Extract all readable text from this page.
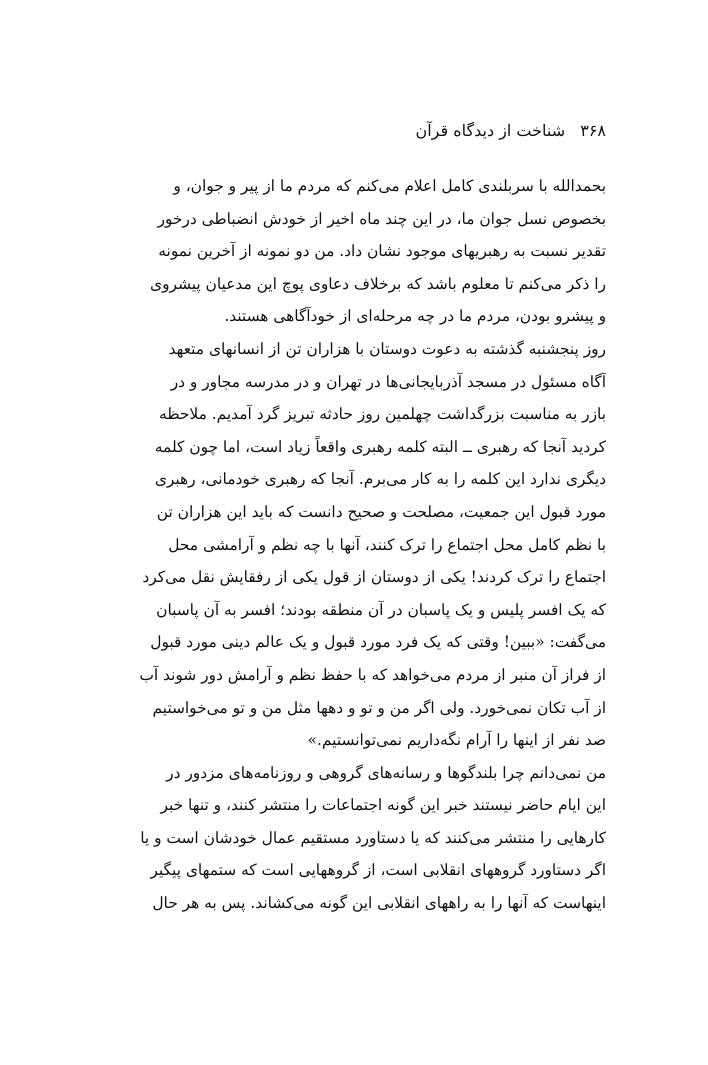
۳۶۸ شناخت از دیدگاه قرآن
بحمدالله با سربلندی کامل اعلام می‌کنم که مردم ما از پیر و جوان، و
بخصوص نسل جوان ما، در این چند ماه اخیر از خودش انضباطی درخور
تقدیر نسبت به رهبریهای موجود نشان داد. من دو نمونه از آخرین نمونه
را ذکر می‌کنم تا معلوم باشد که برخلاف دعاوی پوچ این مدعیان پیشروی
و پیشرو بودن، مردم ما در چه مرحله‌ای از خودآگاهی هستند.
روز پنجشنبه گذشته به دعوت دوستان با هزاران تن از انسانهای متعهد
آگاه مسئول در مسجد آذربایجانی‌ها در تهران و در مدرسه مجاور و در
بازر به مناسبت بزرگداشت چهلمین روز حادثه تبریز گرد آمدیم. ملاحظه
کردید آنجا که رهبری ــ البته کلمه رهبری واقعاً زیاد است، اما چون کلمه
دیگری ندارد این کلمه را به کار می‌برم. آنجا که رهبری خودمانی، رهبری
مورد قبول این جمعیت، مصلحت و صحیح دانست که باید این هزاران تن
با نظم کامل محل اجتماع را ترک کنند، آنها با چه نظم و آرامشی محل
اجتماع را ترک کردند! یکی از دوستان از قول یکی از رفقایش نقل می‌کرد
که یک افسر پلیس و یک پاسبان در آن منطقه بودند؛ افسر به آن پاسبان
می‌گفت: «ببین! وقتی که یک فرد مورد قبول و یک عالم دینی مورد قبول
از فراز آن منبر از مردم می‌خواهد که با حفظ نظم و آرامش دور شوند آب
از آب تکان نمی‌خورد. ولی اگر من و تو و دهها مثل من و تو می‌خواستیم
صد نفر از اینها را آرام نگه‌داریم نمی‌توانستیم.»
من نمی‌دانم چرا بلندگوها و رسانه‌های گروهی و روزنامه‌های مزدور در
این ایام حاضر نیستند خبر این گونه اجتماعات را منتشر کنند، و تنها خبر
کارهایی را منتشر می‌کنند که یا دستاورد مستقیم عمال خودشان است و یا
اگر دستاورد گروههای انقلابی است، از گروههایی است که ستمهای پیگیر
اینهاست که آنها را به راههای انقلابی این گونه می‌کشاند. پس به هر حال
